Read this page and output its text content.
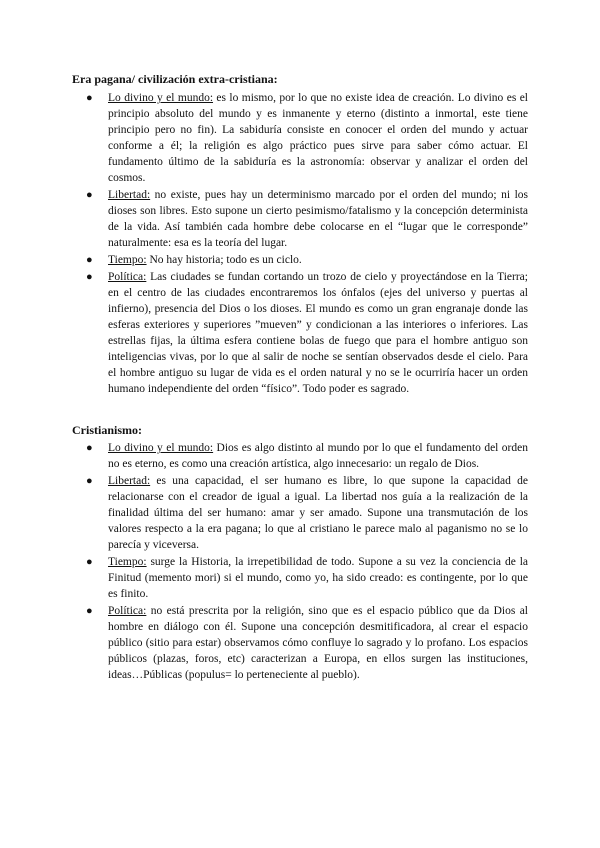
Era pagana/ civilización extra-cristiana:

● Lo divino y el mundo: es lo mismo, por lo que no existe idea de creación. Lo divino es el principio absoluto del mundo y es inmanente y eterno (distinto a inmortal, este tiene principio pero no fin). La sabiduría consiste en conocer el orden del mundo y actuar conforme a él; la religión es algo práctico pues sirve para saber cómo actuar. El fundamento último de la sabiduría es la astronomía: observar y analizar el orden del cosmos.
● Libertad: no existe, pues hay un determinismo marcado por el orden del mundo; ni los dioses son libres. Esto supone un cierto pesimismo/fatalismo y la concepción determinista de la vida. Así también cada hombre debe colocarse en el “lugar que le corresponde” naturalmente: esa es la teoría del lugar.
● Tiempo: No hay historia; todo es un ciclo.
● Política: Las ciudades se fundan cortando un trozo de cielo y proyectándose en la Tierra; en el centro de las ciudades encontraremos los ónfalos (ejes del universo y puertas al infierno), presencia del Dios o los dioses. El mundo es como un gran engranaje donde las esferas exteriores y superiores ”mueven” y condicionan a las interiores o inferiores. Las estrellas fijas, la última esfera contiene bolas de fuego que para el hombre antiguo son inteligencias vivas, por lo que al salir de noche se sentían observados desde el cielo. Para el hombre antiguo su lugar de vida es el orden natural y no se le ocurriría hacer un orden humano independiente del orden “físico”. Todo poder es sagrado.

Cristianismo:

● Lo divino y el mundo: Dios es algo distinto al mundo por lo que el fundamento del orden no es eterno, es como una creación artística, algo innecesario: un regalo de Dios.
● Libertad: es una capacidad, el ser humano es libre, lo que supone la capacidad de relacionarse con el creador de igual a igual. La libertad nos guía a la realización de la finalidad última del ser humano: amar y ser amado. Supone una transmutación de los valores respecto a la era pagana; lo que al cristiano le parece malo al paganismo no se lo parecía y viceversa.
● Tiempo: surge la Historia, la irrepetibilidad de todo. Supone a su vez la conciencia de la Finitud (memento mori) si el mundo, como yo, ha sido creado: es contingente, por lo que es finito.
● Política: no está prescrita por la religión, sino que es el espacio público que da Dios al hombre en diálogo con él. Supone una concepción desmitificadora, al crear el espacio público (sitio para estar) observamos cómo confluye lo sagrado y lo profano. Los espacios públicos (plazas, foros, etc) caracterizan a Europa, en ellos surgen las instituciones, ideas…Públicas (populus= lo perteneciente al pueblo).
